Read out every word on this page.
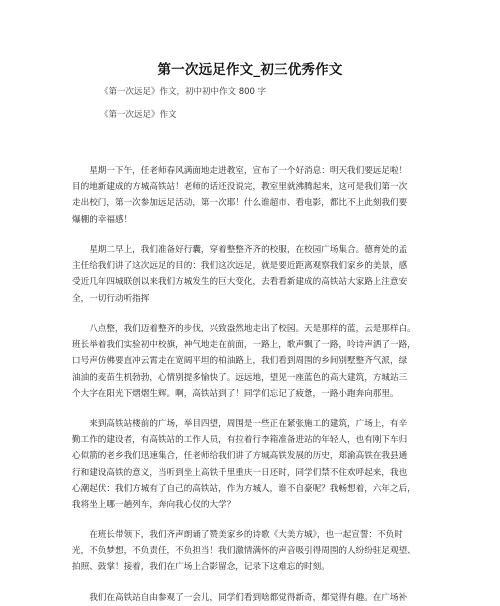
第一次远足作文_初三优秀作文
《第一次远足》作文，初中初中作文 800 字
《第一次远足》作文
　　星期一下午，任老师春风满面地走进教室，宣布了一个好消息：明天我们要远足啦！
目的地新建成的方城高铁站！老师的话还没说完，教室里就沸腾起来，这可是我们第一次
走出校门，第一次参加远足活动，第一次耶！什么谁超市、看电影，都比不上此刻我们要
爆棚的幸福感！
　　星期二早上，我们准备好行囊，穿着整整齐齐的校服，在校园广场集合。德育处的孟
主任给我们讲了这次远足的目的：我们这次远足，就是要近距离观察我们家乡的美景，感
受近几年四城联创以来我们方城发生的巨大变化，去看看新建成的高铁站大家路上注意安
全，一切行动听指挥
　　八点整，我们迈着整齐的步伐，兴致盎然地走出了校园。天是那样的蓝，云是那样白。
班长举着我们实验初中校旗，神气地走在前面，一路上，歌声飘了一路，呤诗声洒了一路，
口号声仿佛要直冲云霄走在宽阔平坦的柏油路上，我们看到周围的乡间别墅整齐气派，绿
油油的麦苗生机勃勃，心情别提多愉快了。远远地，望见一座蓝色的高大建筑，方城站三
个大字在阳光下熠熠生辉。啊，高铁站到了！同学们忘记了疲惫，一路小跑奔向那里。
　　来到高铁站楼前的广场，举目四望，周围是一些正在紧张施工的建筑，广场上，有辛
勤工作的建设者，有高铁站的工作人员，有拉着行李箱准备进站的年轻人，也有刚下车归
心似箭的老乡我们迅速集合，任老师给我们讲了方城高铁发展的历史，郑渝高铁在我县通
行和建设高铁的意义，当听到坐上高铁千里重庆一日还时，同学们禁不住欢呼起来，我也
心潮起伏：我们方城有了自己的高铁站，作为方城人，谁不自豪呢？我畅想着，六年之后，
我将坐上哪一趟列车，奔向我心仪的大学？
　　在班长带领下，我们齐声朗诵了赞美家乡的诗歌《大美方城》，也一起宣誓：不负时
光，不负梦想，不负责任，不负担当！我们激情满怀的声音吸引得周围的人纷纷驻足观望、
拍照、鼓掌！接着，我们在广场上合影留念，记录下这难忘的时刻。
　　我们在高铁站自由参观了一会儿，同学们看到啥都觉得新奇，都觉得有趣。在广场补
